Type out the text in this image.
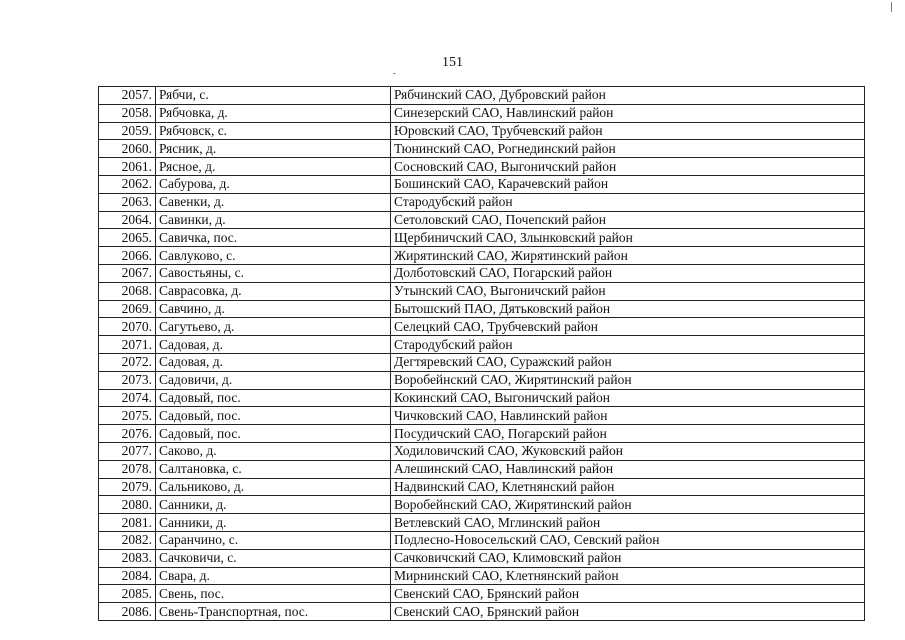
151
2057.	Рябчи, с.	Рябчинский САО, Дубровский район
2058.	Рябчовка, д.	Синезерский САО, Навлинский район
2059.	Рябчовск, с.	Юровский САО, Трубчевский район
2060.	Рясник, д.	Тюнинский САО, Рогнединский район
2061.	Рясное, д.	Сосновский САО, Выгоничский район
2062.	Сабурова, д.	Бошинский САО, Карачевский район
2063.	Савенки, д.	Стародубский район
2064.	Савинки, д.	Сетоловский САО, Почепский район
2065.	Савичка, пос.	Щербиничский САО, Злынковский район
2066.	Савлуково, с.	Жирятинский САО, Жирятинский район
2067.	Савостьяны, с.	Долботовский САО, Погарский район
2068.	Саврасовка, д.	Утынский САО, Выгоничский район
2069.	Савчино, д.	Бытошский ПАО, Дятьковский район
2070.	Сагутьево, д.	Селецкий САО, Трубчевский район
2071.	Садовая, д.	Стародубский район
2072.	Садовая, д.	Дегтяревский САО, Суражский район
2073.	Садовичи, д.	Воробейнский САО, Жирятинский район
2074.	Садовый, пос.	Кокинский САО, Выгоничский район
2075.	Садовый, пос.	Чичковский САО, Навлинский район
2076.	Садовый, пос.	Посудичский САО, Погарский район
2077.	Саково, д.	Ходиловичский САО, Жуковский район
2078.	Салтановка, с.	Алешинский САО, Навлинский район
2079.	Сальниково, д.	Надвинский САО, Клетнянский район
2080.	Санники, д.	Воробейнский САО, Жирятинский район
2081.	Санники, д.	Ветлевский САО, Мглинский район
2082.	Саранчино, с.	Подлесно-Новосельский САО, Севский район
2083.	Сачковичи, с.	Сачковичский САО, Климовский район
2084.	Свара, д.	Мирнинский САО, Клетнянский район
2085.	Свень, пос.	Свенский САО, Брянский район
2086.	Свень-Транспортная, пос.	Свенский САО, Брянский район
